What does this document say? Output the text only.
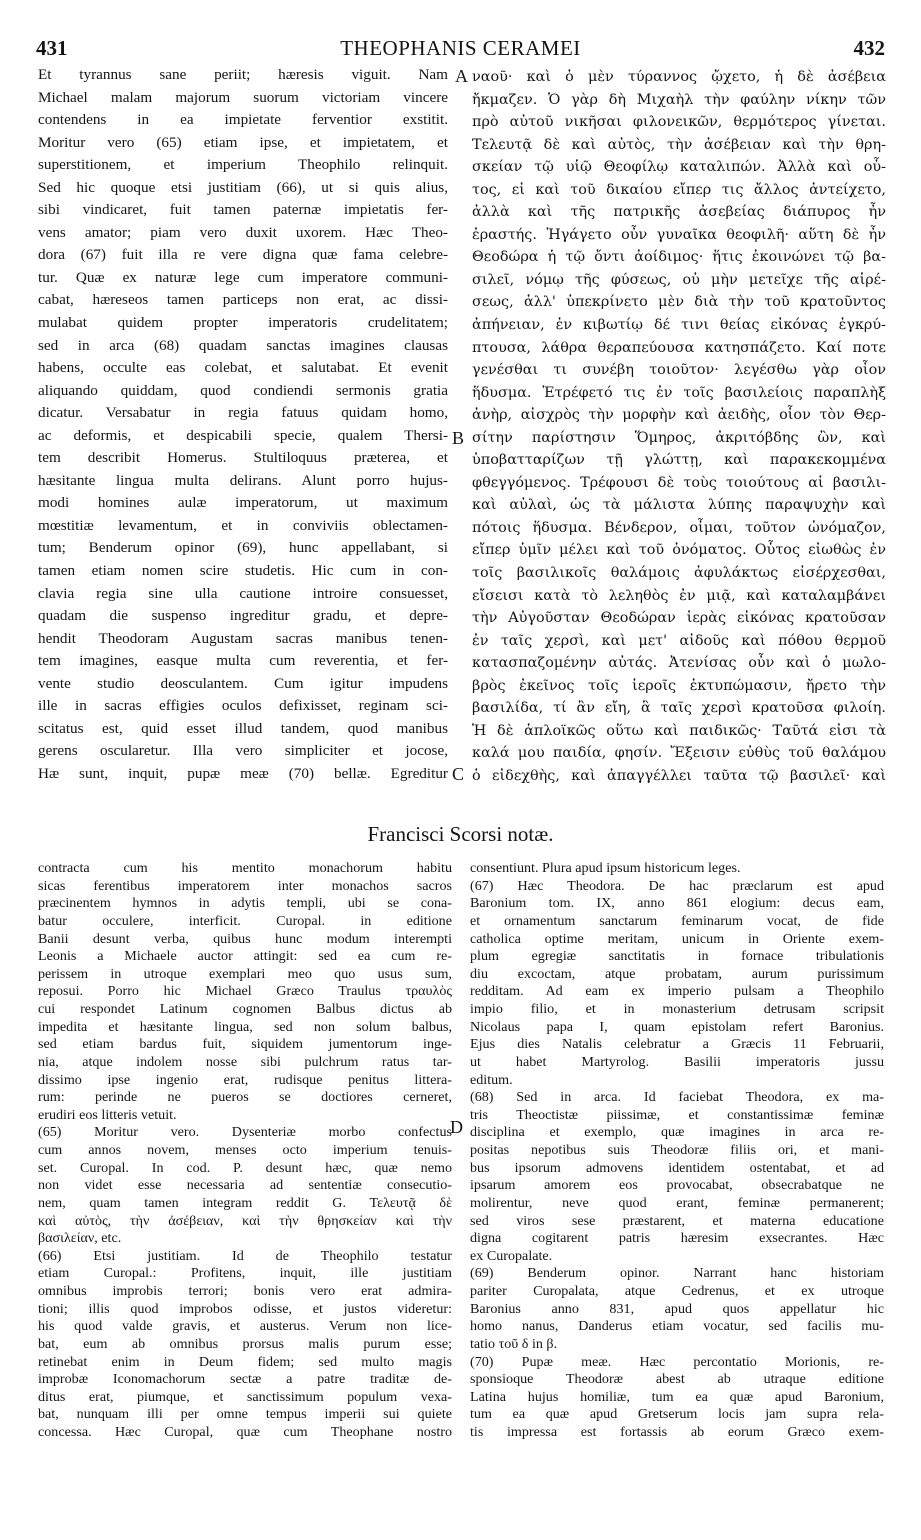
431	THEOPHANIS CERAMEI	432
Et tyrannus sane periit; hæresis viguit. Nam
Michael malam majorum suorum victoriam vincere
contendens in ea impietate ferventior exstitit.
Moritur vero (65) etiam ipse, et impietatem, et
superstitionem, et imperium Theophilo relinquit.
Sed hic quoque etsi justitiam (66), ut si quis alius,
sibi vindicaret, fuit tamen paternæ impietatis fer-
vens amator; piam vero duxit uxorem. Hæc Theo-
dora (67) fuit illa re vere digna quæ fama celebre-
tur. Quæ ex naturæ lege cum imperatore communi-
cabat, hæreseos tamen particeps non erat, ac dissi-
mulabat quidem propter imperatoris crudelitatem;
sed in arca (68) quadam sanctas imagines clausas
habens, occulte eas colebat, et salutabat. Et evenit
aliquando quiddam, quod condiendi sermonis gratia
dicatur. Versabatur in regia fatuus quidam homo,
ac deformis, et despicabili specie, qualem Thersi-
tem describit Homerus. Stultiloquus præterea, et
hæsitante lingua multa delirans. Alunt porro hujus-
modi homines aulæ imperatorum, ut maximum
mœstitiæ levamentum, et in conviviis oblectamen-
tum; Benderum opinor (69), hunc appellabant, si
tamen etiam nomen scire studetis. Hic cum in con-
clavia regia sine ulla cautione introire consuesset,
quadam die suspenso ingreditur gradu, et depre-
hendit Theodoram Augustam sacras manibus tenen-
tem imagines, easque multa cum reverentia, et fer-
vente studio deosculantem. Cum igitur impudens
ille in sacras effigies oculos defixisset, reginam sci-
scitatus est, quid esset illud tandem, quod manibus
gerens oscularetur. Illa vero simpliciter et jocose,
Hæ sunt, inquit, pupæ meæ (70) bellæ. Egreditur
A
B
C
ναοῦ· καὶ ὁ μὲν τύραννος ᾤχετο, ἡ δὲ ἀσέβεια
ἤκμαζεν. Ὁ γὰρ δὴ Μιχαὴλ τὴν φαύλην νίκην τῶν
πρὸ αὐτοῦ νικῆσαι φιλονεικῶν, θερμότερος γίνεται.
Τελευτᾷ δὲ καὶ αὐτὸς, τὴν ἀσέβειαν καὶ τὴν θρη-
σκείαν τῷ υἱῷ Θεοφίλῳ καταλιπών. Ἀλλὰ καὶ οὗ-
τος, εἰ καὶ τοῦ δικαίου εἴπερ τις ἄλλος ἀντείχετο,
ἀλλὰ καὶ τῆς πατρικῆς ἀσεβείας διάπυρος ἦν
ἐραστής. Ἠγάγετο οὖν γυναῖκα θεοφιλῆ· αὕτη δὲ ἦν
Θεοδώρα ἡ τῷ ὄντι ἀοίδιμος· ἥτις ἐκοινώνει τῷ βα-
σιλεῖ, νόμῳ τῆς φύσεως, οὐ μὴν μετεῖχε τῆς αἱρέ-
σεως, ἀλλ' ὑπεκρίνετο μὲν διὰ τὴν τοῦ κρατοῦντος
ἀπήνειαν, ἐν κιβωτίῳ δέ τινι θείας εἰκόνας ἐγκρύ-
πτουσα, λάθρα θεραπεύουσα κατησπάζετο. Καί ποτε
γενέσθαι τι συνέβη τοιοῦτον· λεγέσθω γὰρ οἷον
ἥδυσμα. Ἐτρέφετό τις ἐν τοῖς βασιλείοις παραπλὴξ
ἀνὴρ, αἰσχρὸς τὴν μορφὴν καὶ ἀειδὴς, οἷον τὸν Θερ-
σίτην παρίστησιν Ὅμηρος, ἀκριτόβδης ὢν, καὶ
ὑποβατταρίζων τῇ γλώττῃ, καὶ παρακεκομμένα
φθεγγόμενος. Τρέφουσι δὲ τοὺς τοιούτους αἱ βασιλι-
καὶ αὐλαὶ, ὡς τὰ μάλιστα λύπης παραψυχὴν καὶ
πότοις ἥδυσμα. Βένδερον, οἶμαι, τοῦτον ὠνόμαζον,
εἴπερ ὑμῖν μέλει καὶ τοῦ ὀνόματος. Οὗτος εἰωθὼς ἐν
τοῖς βασιλικοῖς θαλάμοις ἀφυλάκτως εἰσέρχεσθαι,
εἴσεισι κατὰ τὸ λεληθὸς ἐν μιᾷ, καὶ καταλαμβάνει
τὴν Αὐγοῦσταν Θεοδώραν ἱερὰς εἰκόνας κρατοῦσαν
ἐν ταῖς χερσὶ, καὶ μετ' αἰδοῦς καὶ πόθου θερμοῦ
κατασπαζομένην αὐτάς. Ἀτενίσας οὖν καὶ ὁ μωλο-
βρὸς ἐκεῖνος τοῖς ἱεροῖς ἐκτυπώμασιν, ἤρετο τὴν
βασιλίδα, τί ἂν εἴη, ἃ ταῖς χερσὶ κρατοῦσα φιλοίη.
Ἡ δὲ ἁπλοϊκῶς οὕτω καὶ παιδικῶς· Ταῦτά εἰσι τὰ
καλά μου παιδία, φησίν. Ἔξεισιν εὐθὺς τοῦ θαλάμου
ὁ εἰδεχθὴς, καὶ ἀπαγγέλλει ταῦτα τῷ βασιλεῖ· καὶ
Francisci Scorsi notæ.
contracta cum his mentito monachorum habitu
sicas ferentibus imperatorem inter monachos sacros
præcinentem hymnos in adytis templi, ubi se cona-
batur occulere, interficit. Curopal. in editione
Banii desunt verba, quibus hunc modum interempti
Leonis a Michaele auctor attingit: sed ea cum re-
perissem in utroque exemplari meo quo usus sum,
reposui. Porro hic Michael Græco Traulus τραυλὸς
cui respondet Latinum cognomen Balbus dictus ab
impedita et hæsitante lingua, sed non solum balbus,
sed etiam bardus fuit, siquidem jumentorum inge-
nia, atque indolem nosse sibi pulchrum ratus tar-
dissimo ipse ingenio erat, rudisque penitus littera-
rum: perinde ne pueros se doctiores cerneret,
erudiri eos litteris vetuit.
(65) Moritur vero. Dysenteriæ morbo confectus
cum annos novem, menses octo imperium tenuis-
set. Curopal. In cod. P. desunt hæc, quæ nemo
non videt esse necessaria ad sententiæ consecutio-
nem, quam tamen integram reddit G. Τελευτᾷ δὲ
καὶ αὐτὸς, τὴν ἀσέβειαν, καὶ τὴν θρησκείαν καὶ τὴν
βασιλείαν, etc.
(66) Etsi justitiam. Id de Theophilo testatur
etiam Curopal.: Profitens, inquit, ille justitiam
omnibus improbis terrori; bonis vero erat admira-
tioni; illis quod improbos odisse, et justos videretur:
his quod valde gravis, et austerus. Verum non lice-
bat, eum ab omnibus prorsus malis purum esse;
retinebat enim in Deum fidem; sed multo magis
improbæ Iconomachorum sectæ a patre traditæ de-
ditus erat, piumque, et sanctissimum populum vexa-
bat, nunquam illi per omne tempus imperii sui quiete
concessa. Hæc Curopal, quæ cum Theophane nostro
D
consentiunt. Plura apud ipsum historicum leges.
(67) Hæc Theodora. De hac præclarum est apud
Baronium tom. IX, anno 861 elogium: decus eam,
et ornamentum sanctarum feminarum vocat, de fide
catholica optime meritam, unicum in Oriente exem-
plum egregiæ sanctitatis in fornace tribulationis
diu excoctam, atque probatam, aurum purissimum
redditam. Ad eam ex imperio pulsam a Theophilo
impio filio, et in monasterium detrusam scripsit
Nicolaus papa I, quam epistolam refert Baronius.
Ejus dies Natalis celebratur a Græcis 11 Februarii,
ut habet Martyrolog. Basilii imperatoris jussu
editum.
(68) Sed in arca. Id faciebat Theodora, ex ma-
tris Theoctistæ piissimæ, et constantissimæ feminæ
disciplina et exemplo, quæ imagines in arca re-
positas nepotibus suis Theodoræ filiis ori, et mani-
bus ipsorum admovens identidem ostentabat, et ad
ipsarum amorem eos provocabat, obsecrabatque ne
molirentur, neve quod erant, feminæ permanerent;
sed viros sese præstarent, et materna educatione
digna cogitarent patris hæresim exsecrantes. Hæc
ex Curopalate.
(69) Benderum opinor. Narrant hanc historiam
pariter Curopalata, atque Cedrenus, et ex utroque
Baronius anno 831, apud quos appellatur hic
homo nanus, Danderus etiam vocatur, sed facilis mu-
tatio τοῦ δ in β.
(70) Pupæ meæ. Hæc percontatio Morionis, re-
sponsioque Theodoræ abest ab utraque editione
Latina hujus homiliæ, tum ea quæ apud Baronium,
tum ea quæ apud Gretserum locis jam supra rela-
tis impressa est fortassis ab eorum Græco exem-
